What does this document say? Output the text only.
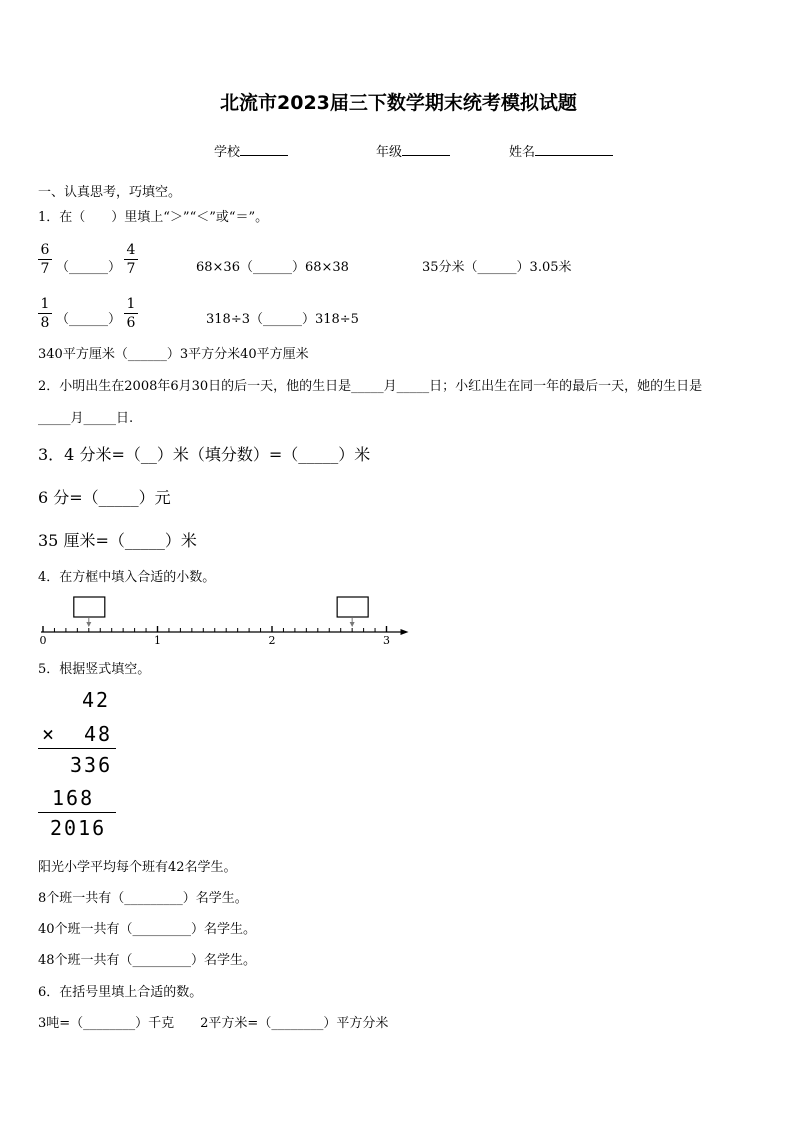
北流市2023届三下数学期末统考模拟试题
学校	年级	姓名
一、认真思考，巧填空。
1．在（　　）里填上“＞”“＜”或“＝”。
6
7 （______）
4
7	68×36（______）68×38	35分米（______）3.05米
1
8 （______）
1
6	318÷3（______）318÷5
340平方厘米（______）3平方分米40平方厘米
2．小明出生在2008年6月30日的后一天，他的生日是_____月_____日；小红出生在同一年的最后一天，她的生日是
_____月_____日.
3．4 分米=（__）米（填分数）=（_____）米
6 分=（_____）元
35 厘米=（_____）米
4．在方框中填入合适的小数。
0	1	2	3
5．根据竖式填空。
42
× 48
336
168
2016
阳光小学平均每个班有42名学生。
8个班一共有（_________）名学生。
40个班一共有（_________）名学生。
48个班一共有（_________）名学生。
6．在括号里填上合适的数。
3吨=（________）千克　　2平方米=（________）平方分米
